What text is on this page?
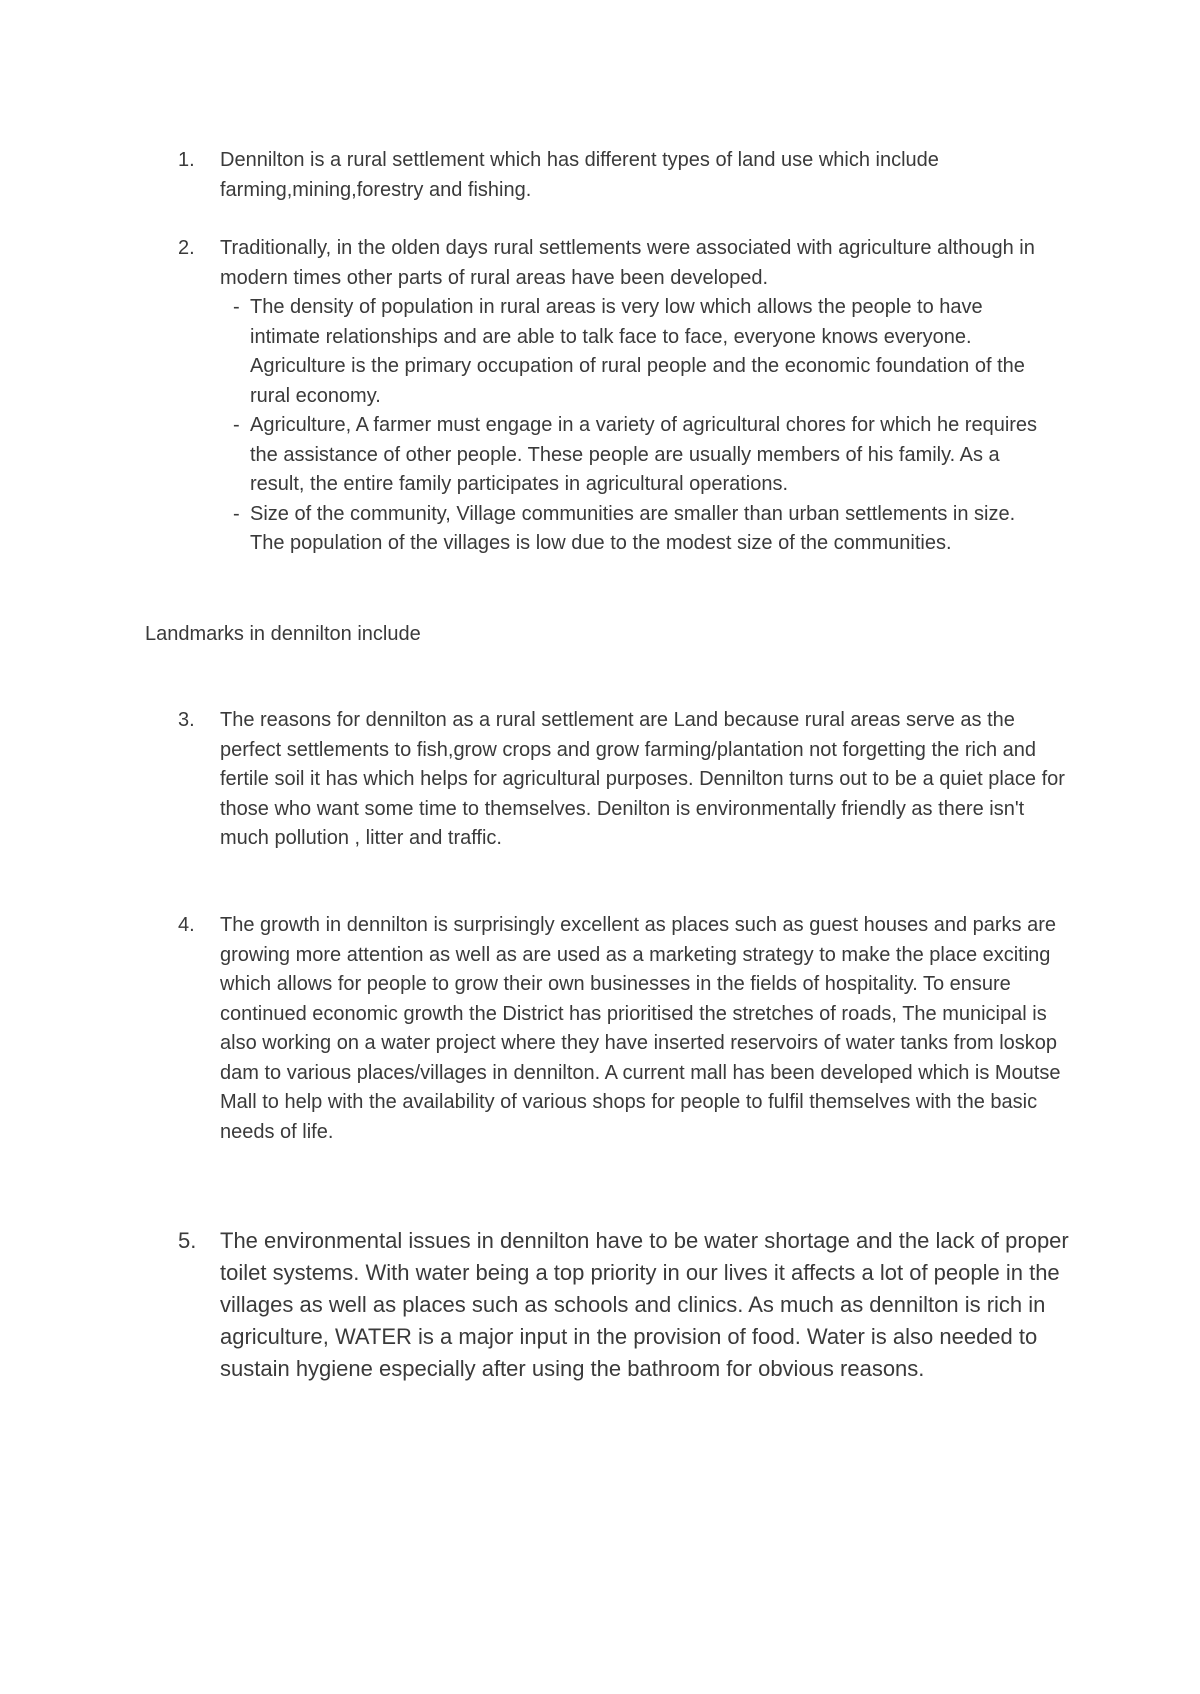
1.	Dennilton is a rural settlement which has different types of land use which include farming,mining,forestry and fishing.
2.	Traditionally, in the olden days rural settlements were associated with agriculture although in modern times other parts of rural areas have been developed.
- The density of population in rural areas is very low which allows the people to have intimate relationships and are able to talk face to face, everyone knows everyone. Agriculture is the primary occupation of rural people and the economic foundation of the rural economy.
- Agriculture, A farmer must engage in a variety of agricultural chores for which he requires the assistance of other people. These people are usually members of his family. As a result, the entire family participates in agricultural operations.
- Size of the community, Village communities are smaller than urban settlements in size. The population of the villages is low due to the modest size of the communities.
Landmarks in dennilton include
3.	The reasons for dennilton as a rural settlement are Land because rural areas serve as the perfect settlements to fish,grow crops and grow farming/plantation not forgetting the rich and fertile soil it has which helps for agricultural purposes. Dennilton turns out to be a quiet place for those who want some time to themselves. Denilton is environmentally friendly as there isn't much pollution , litter and traffic.
4.	The growth in dennilton is surprisingly excellent as places such as guest houses and parks are growing more attention as well as are used as a marketing strategy to make the place exciting which allows for people to grow their own businesses in the fields of hospitality. To ensure continued economic growth the District has prioritised the stretches of roads, The municipal is also working on a water project where they have inserted reservoirs of water tanks from loskop dam to various places/villages in dennilton. A current mall has been developed which is Moutse Mall to help with the availability of various shops for people to fulfil themselves with the basic needs of life.
5.	The environmental issues in dennilton have to be water shortage and the lack of proper toilet systems. With water being a top priority in our lives it affects a lot of people in the villages as well as places such as schools and clinics. As much as dennilton is rich in agriculture, WATER is a major input in the provision of food. Water is also needed to sustain hygiene especially after using the bathroom for obvious reasons.
